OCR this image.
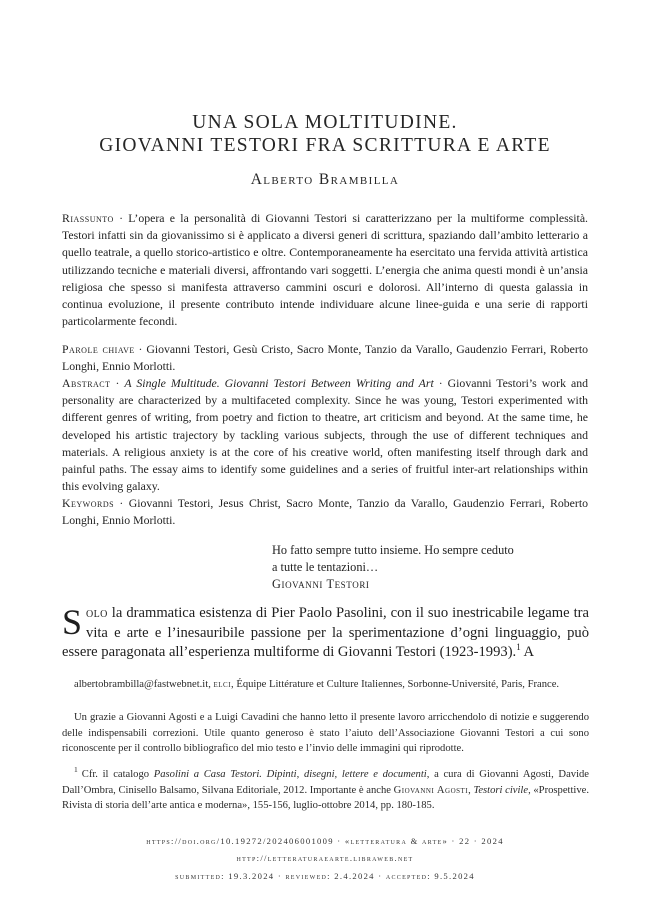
UNA SOLA MOLTITUDINE.
GIOVANNI TESTORI FRA SCRITTURA E ARTE
Alberto Brambilla
Riassunto · L’opera e la personalità di Giovanni Testori si caratterizzano per la multiforme complessità. Testori infatti sin da giovanissimo si è applicato a diversi generi di scrittura, spaziando dall’ambito letterario a quello teatrale, a quello storico-artistico e oltre. Contemporaneamente ha esercitato una fervida attività artistica utilizzando tecniche e materiali diversi, affrontando vari soggetti. L’energia che anima questi mondi è un’ansia religiosa che spesso si manifesta attraverso cammini oscuri e dolorosi. All’interno di questa galassia in continua evoluzione, il presente contributo intende individuare alcune linee-guida e una serie di rapporti particolarmente fecondi.
Parole chiave · Giovanni Testori, Gesù Cristo, Sacro Monte, Tanzio da Varallo, Gaudenzio Ferrari, Roberto Longhi, Ennio Morlotti.
Abstract · A Single Multitude. Giovanni Testori Between Writing and Art · Giovanni Testori’s work and personality are characterized by a multifaceted complexity. Since he was young, Testori experimented with different genres of writing, from poetry and fiction to theatre, art criticism and beyond. At the same time, he developed his artistic trajectory by tackling various subjects, through the use of different techniques and materials. A religious anxiety is at the core of his creative world, often manifesting itself through dark and painful paths. The essay aims to identify some guidelines and a series of fruitful inter-art relationships within this evolving galaxy.
Keywords · Giovanni Testori, Jesus Christ, Sacro Monte, Tanzio da Varallo, Gaudenzio Ferrari, Roberto Longhi, Ennio Morlotti.
Ho fatto sempre tutto insieme. Ho sempre ceduto
a tutte le tentazioni…
Giovanni Testori
Solo la drammatica esistenza di Pier Paolo Pasolini, con il suo inestricabile legame tra vita e arte e l’inesauribile passione per la sperimentazione d’ogni linguaggio, può essere paragonata all’esperienza multiforme di Giovanni Testori (1923-1993).$^1$ A
albertobrambilla@fastwebnet.it, elci, Équipe Littérature et Culture Italiennes, Sorbonne-Université, Paris, France.
Un grazie a Giovanni Agosti e a Luigi Cavadini che hanno letto il presente lavoro arricchendolo di notizie e suggerendo delle indispensabili correzioni. Utile quanto generoso è stato l’aiuto dell’Associazione Giovanni Testori a cui sono riconoscente per il controllo bibliografico del mio testo e l’invio delle immagini qui riprodotte.
$^1$ Cfr. il catalogo Pasolini a Casa Testori. Dipinti, disegni, lettere e documenti, a cura di Giovanni Agosti, Davide Dall’Ombra, Cinisello Balsamo, Silvana Editoriale, 2012. Importante è anche Giovanni Agosti, Testori civile, «Prospettive. Rivista di storia dell’arte antica e moderna», 155-156, luglio-ottobre 2014, pp. 180-185.
https://doi.org/10.19272/202406001009 · «letteratura & arte» · 22 · 2024
http://letteraturaearte.libraweb.net
submitted: 19.3.2024 · reviewed: 2.4.2024 · accepted: 9.5.2024
